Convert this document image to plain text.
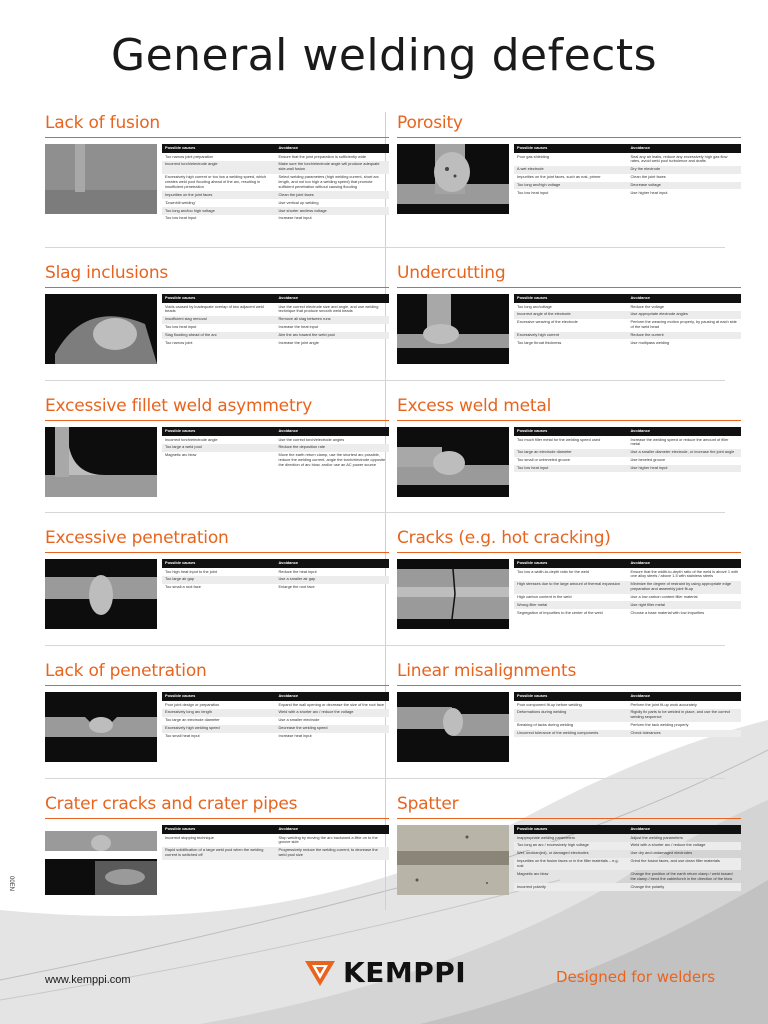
General welding defects
Lack of fusion
Possible causes	Avoidance
Too narrow joint preparation	Ensure that the joint preparation is sufficiently wide
Incorrect torch/electrode angle	Make sure the torch/electrode angle will produce adequate side-wall fusion
Excessively high current or too low a welding speed, which creates weld pool flooding ahead of the arc, resulting in insufficient penetration	Select welding parameters (high welding current, short arc length, and not too high a welding speed) that promote sufficient penetration without causing flooding
Impurities on the joint faces	Clean the joint faces
'Downhill welding'	Use vertical up welding
Too long arc/too high voltage	Use shorter arc/less voltage
Too low heat input	Increase heat input
Porosity
Possible causes	Avoidance
Poor gas shielding	Seal any air leaks, reduce any excessively high gas flow rates, avoid weld pool turbulence and drafts
A wet electrode	Dry the electrode
Impurities on the joint faces, such as rust, primer	Clean the joint faces
Too long arc/high voltage	Decrease voltage
Too low heat input	Use higher heat input
Slag inclusions
Possible causes	Avoidance
Voids caused by inadequate overlap of two adjacent weld beads	Use the correct electrode size and angle, and use welding technique that produce smooth weld beads
Insufficient slag removal	Remove all slag between runs
Too low heat input	Increase the heat input
Slag flooding ahead of the arc	Aim the arc toward the weld pool
Too narrow joint	Increase the joint angle
Undercutting
Possible causes	Avoidance
Too long arc/voltage	Reduce the voltage
Incorrect angle of the electrode	Use appropriate electrode angles
Excessive weaving of the electrode	Perform the weaving motion properly, by pausing at each side of the weld bead
Excessively high current	Reduce the current
Too large throat thickness	Use multipass welding
Excessive fillet weld asymmetry
Possible causes	Avoidance
Incorrect torch/electrode angle	Use the correct torch/electrode angles
Too large a weld pool	Reduce the deposition rate
Magnetic arc blow	Move the earth return clamp, use the shortest arc possible, reduce the welding current, angle the torch/electrode opposite the direction of arc blow, and/or use an AC power source
Excess weld metal
Possible causes	Avoidance
Too much filler metal for the welding speed used	Increase the welding speed or reduce the amount of filler metal
Too large an electrode diameter	Use a smaller diameter electrode, or increase the joint angle
Too small or unbeveled groove	Use beveled groove
Too low heat input	Use higher heat input
Excessive penetration
Possible causes	Avoidance
Too high heat input to the joint	Reduce the heat input
Too large air gap	Use a smaller air gap
Too small a root face	Enlarge the root face
Cracks (e.g. hot cracking)
Possible causes	Avoidance
Too low a width-to-depth ratio for the weld	Ensure that the width-to-depth ratio of the weld is above 1 with one alloy steels / above 1.5 with stainless steels
High stresses due to the large amount of thermal expansion	Minimize the degree of restraint by using appropriate edge preparation and assembly joint fit-up
High carbon content in the weld	Use a low carbon content filler material
Wrong filler metal	Use right filler metal
Segregation of impurities to the center of the weld	Choose a base material with low impurities
Lack of penetration
Possible causes	Avoidance
Poor joint design or preparation	Expand the wall opening or decrease the size of the root face
Excessively long arc length	Weld with a shorter arc / reduce the voltage
Too large an electrode diameter	Use a smaller electrode
Excessively high welding speed	Decrease the welding speed
Too small heat input	Increase heat input
Linear misalignments
Possible causes	Avoidance
Poor component fit-up before welding	Perform the joint fit-up work accurately
Deformations during welding	Rigidly fix parts to be welded in place, and use the correct welding sequence
Breaking of tacks during welding	Perform the tack welding properly
Uncorrect tolerance of the welding components	Check tolerances
Crater cracks and crater pipes
Possible causes	Avoidance
Incorrect stopping technique	Stop welding by moving the arc backward a little on to the groove side
Rapid solidification of a large weld pool when the welding current is switched off	Progressively reduce the welding current, to decrease the weld pool size
Spatter
Possible causes	Avoidance
Inappropriate welding parameters	Adjust the welding parameters
Too long an arc / excessively high voltage	Weld with a shorter arc / reduce the voltage
Wet, unclean(ed), or damaged electrodes	Use dry and undamaged electrodes
Impurities on the fusion faces or in the filler materials – e.g. rust	Grind the fusion faces, and use clean filler materials
Magnetic arc blow	Change the position of the earth return clamp / weld toward the clamp / bend the cable/torch in the direction of the blow
Incorrect polarity	Change the polarity
00EN
www.kemppi.com	KEMPPI	Designed for welders
